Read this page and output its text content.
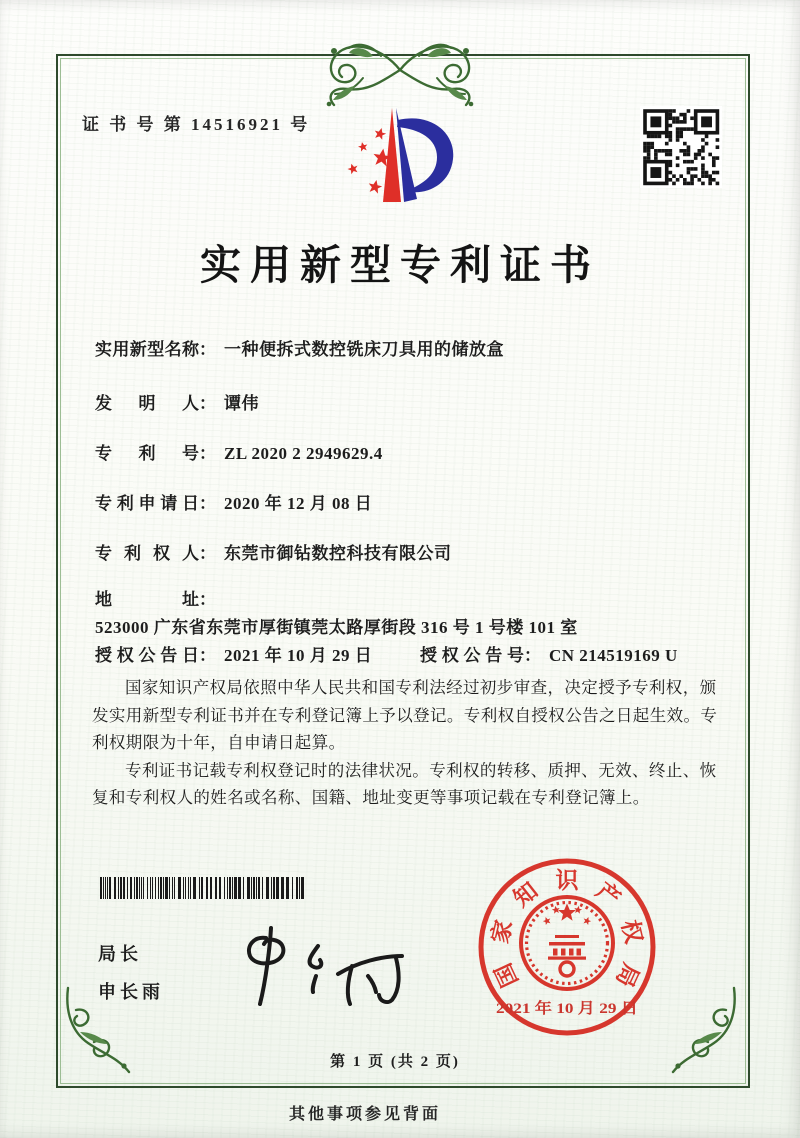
证 书 号 第 14516921 号
实用新型专利证书
实用新型名称： 一种便拆式数控铣床刀具用的储放盒
发明人： 谭伟
专利号： ZL 2020 2 2949629.4
专利申请日： 2020 年 12 月 08 日
专利权人： 东莞市御钻数控科技有限公司
地址：523000 广东省东莞市厚街镇莞太路厚街段 316 号 1 号楼 101 室
授权公告日： 2021 年 10 月 29 日	授权公告号： CN 214519169 U

国家知识产权局依照中华人民共和国专利法经过初步审查，决定授予专利权，颁发实用新型专利证书并在专利登记簿上予以登记。专利权自授权公告之日起生效。专利权期限为十年，自申请日起算。

专利证书记载专利权登记时的法律状况。专利权的转移、质押、无效、终止、恢复和专利权人的姓名或名称、国籍、地址变更等事项记载在专利登记簿上。

局长
申长雨
国
家
知 识 产
权
局
2021 年 10 月 29 日
第 1 页 (共 2 页)
其他事项参见背面
